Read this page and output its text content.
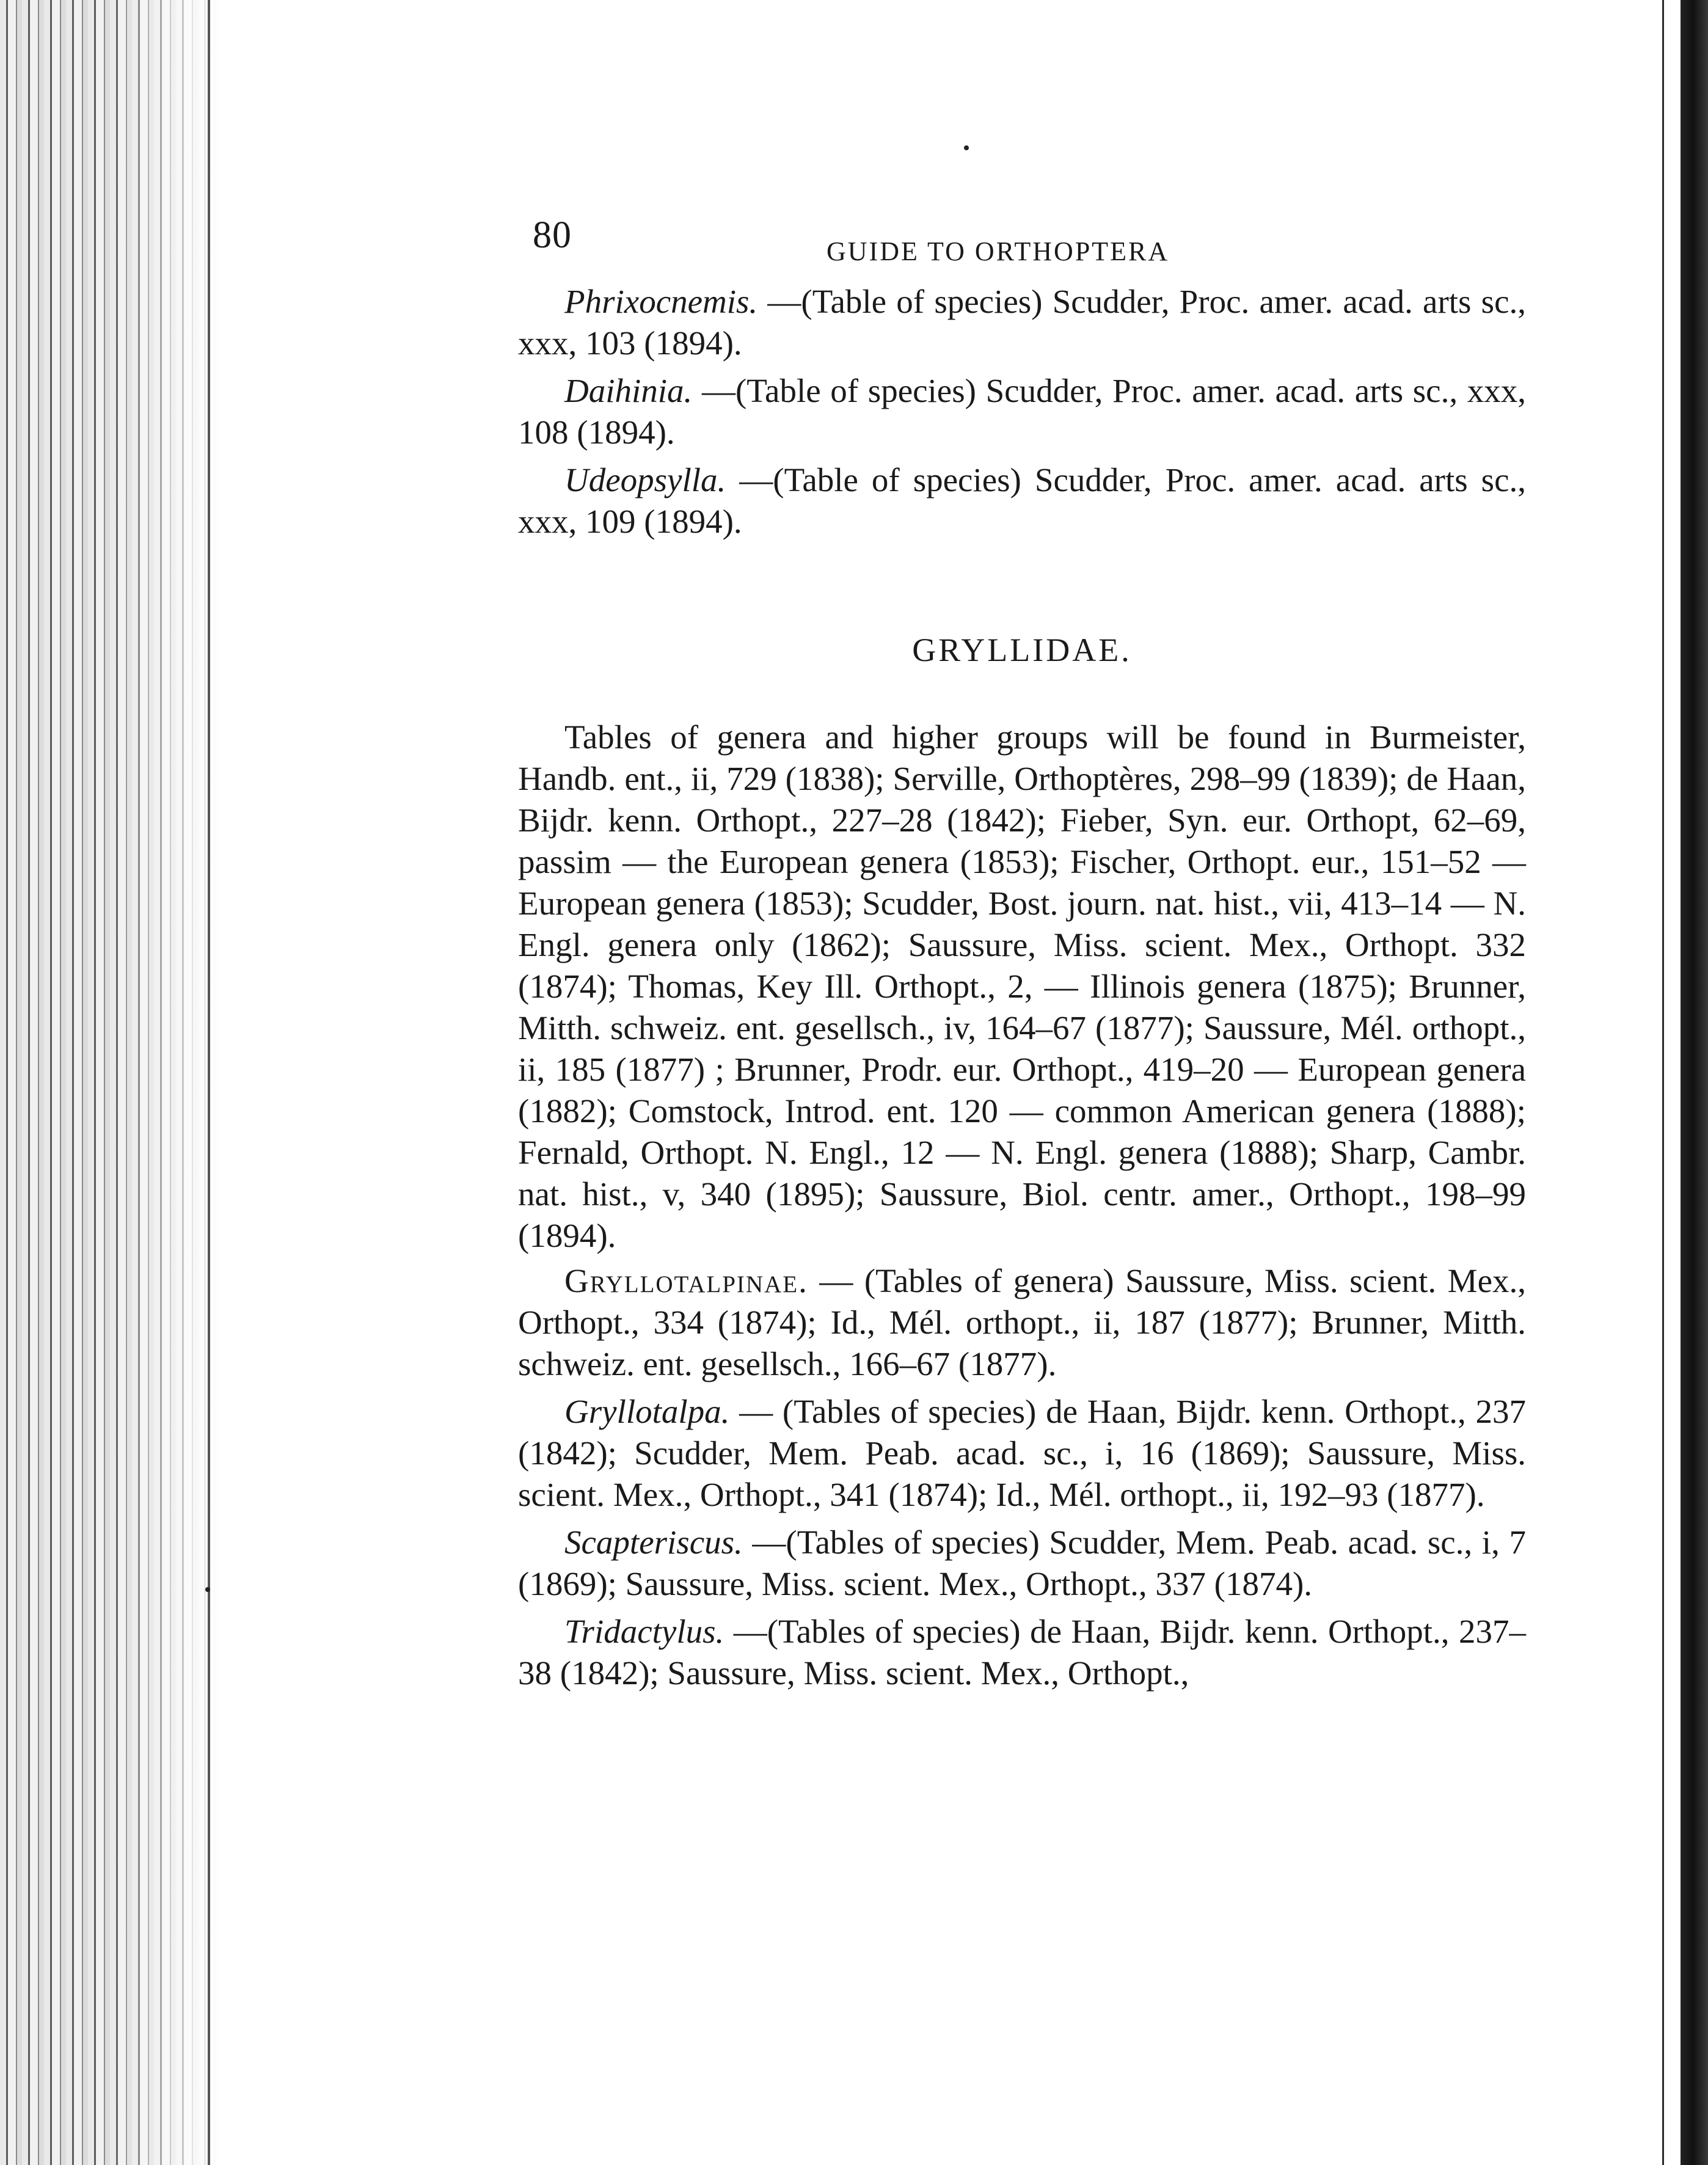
80	GUIDE TO ORTHOPTERA

Phrixocnemis. —(Table of species) Scudder, Proc. amer. acad. arts sc., xxx, 103 (1894).

Daihinia. —(Table of species) Scudder, Proc. amer. acad. arts sc., xxx, 108 (1894).

Udeopsylla. —(Table of species) Scudder, Proc. amer. acad. arts sc., xxx, 109 (1894).

GRYLLIDAE.

Tables of genera and higher groups will be found in Burmeister, Handb. ent., ii, 729 (1838); Serville, Orthoptères, 298–99 (1839); de Haan, Bijdr. kenn. Orthopt., 227–28 (1842); Fieber, Syn. eur. Orthopt, 62–69, passim — the European genera (1853); Fischer, Orthopt. eur., 151–52 — European genera (1853); Scudder, Bost. journ. nat. hist., vii, 413–14 — N. Engl. genera only (1862); Saussure, Miss. scient. Mex., Orthopt. 332 (1874); Thomas, Key Ill. Orthopt., 2, — Illinois genera (1875); Brunner, Mitth. schweiz. ent. gesellsch., iv, 164–67 (1877); Saussure, Mél. orthopt., ii, 185 (1877) ; Brunner, Prodr. eur. Orthopt., 419–20 — European genera (1882); Comstock, Introd. ent. 120 — common American genera (1888); Fernald, Orthopt. N. Engl., 12 — N. Engl. genera (1888); Sharp, Cambr. nat. hist., v, 340 (1895); Saussure, Biol. centr. amer., Orthopt., 198–99 (1894).

Gryllotalpinae. — (Tables of genera) Saussure, Miss. scient. Mex., Orthopt., 334 (1874); Id., Mél. orthopt., ii, 187 (1877); Brunner, Mitth. schweiz. ent. gesellsch., 166–67 (1877).

Gryllotalpa. — (Tables of species) de Haan, Bijdr. kenn. Orthopt., 237 (1842); Scudder, Mem. Peab. acad. sc., i, 16 (1869); Saussure, Miss. scient. Mex., Orthopt., 341 (1874); Id., Mél. orthopt., ii, 192–93 (1877).

Scapteriscus. —(Tables of species) Scudder, Mem. Peab. acad. sc., i, 7 (1869); Saussure, Miss. scient. Mex., Orthopt., 337 (1874).

Tridactylus. —(Tables of species) de Haan, Bijdr. kenn. Orthopt., 237–38 (1842); Saussure, Miss. scient. Mex., Orthopt.,
